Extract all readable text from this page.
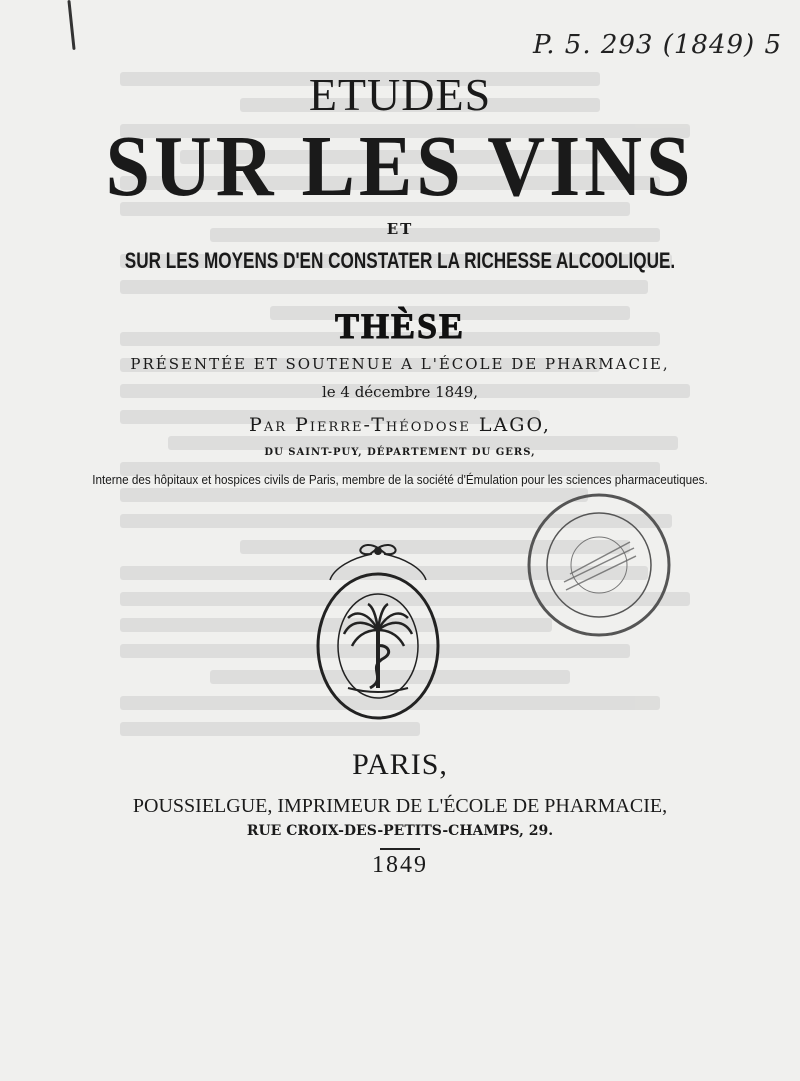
P. 5. 293 (1849) 5
ETUDES
SUR LES VINS
ET
SUR LES MOYENS D'EN CONSTATER LA RICHESSE ALCOOLIQUE.
THÈSE
PRÉSENTÉE ET SOUTENUE A L'ÉCOLE DE PHARMACIE,
le 4 décembre 1849,
Par Pierre-Théodose LAGO,
DU SAINT-PUY, DÉPARTEMENT DU GERS,
Interne des hôpitaux et hospices civils de Paris, membre de la société d'Émulation pour les sciences pharmaceutiques.
PARIS,
POUSSIELGUE, IMPRIMEUR DE L'ÉCOLE DE PHARMACIE,
RUE CROIX-DES-PETITS-CHAMPS, 29.
1849
